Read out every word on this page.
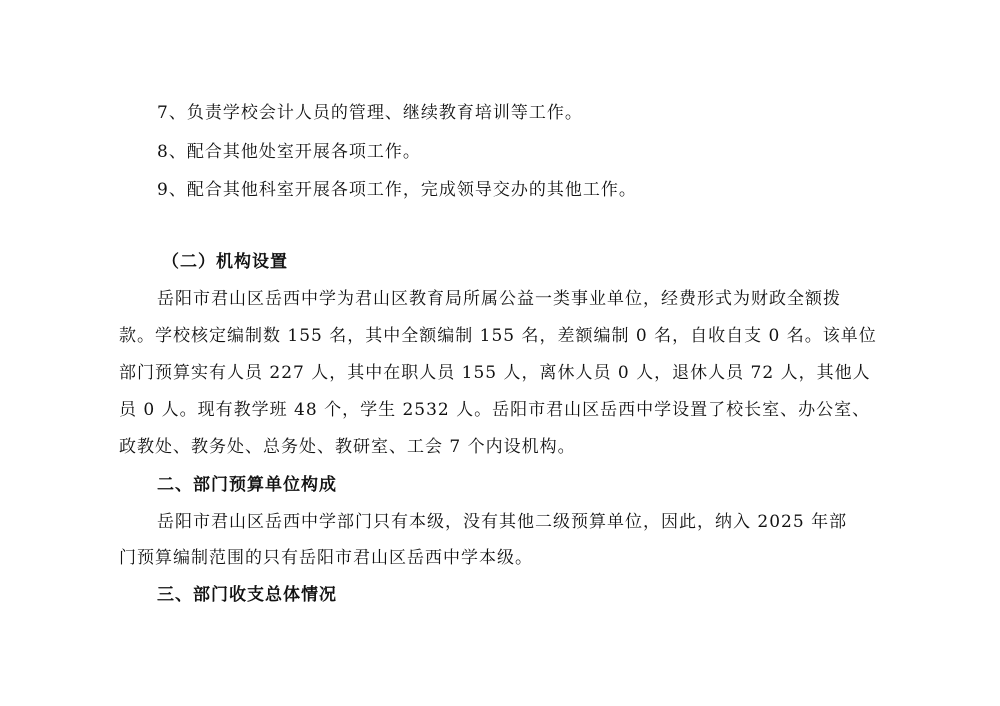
7、负责学校会计人员的管理、继续教育培训等工作。
8、配合其他处室开展各项工作。
9、配合其他科室开展各项工作，完成领导交办的其他工作。
（二）机构设置
岳阳市君山区岳西中学为君山区教育局所属公益一类事业单位，经费形式为财政全额拨
款。学校核定编制数 155 名，其中全额编制 155 名，差额编制 0 名，自收自支 0 名。该单位
部门预算实有人员 227 人，其中在职人员 155 人，离休人员 0 人，退休人员 72 人，其他人
员 0 人。现有教学班 48 个，学生 2532 人。岳阳市君山区岳西中学设置了校长室、办公室、
政教处、教务处、总务处、教研室、工会 7 个内设机构。
二、部门预算单位构成
岳阳市君山区岳西中学部门只有本级，没有其他二级预算单位，因此，纳入 2025 年部
门预算编制范围的只有岳阳市君山区岳西中学本级。
三、部门收支总体情况
